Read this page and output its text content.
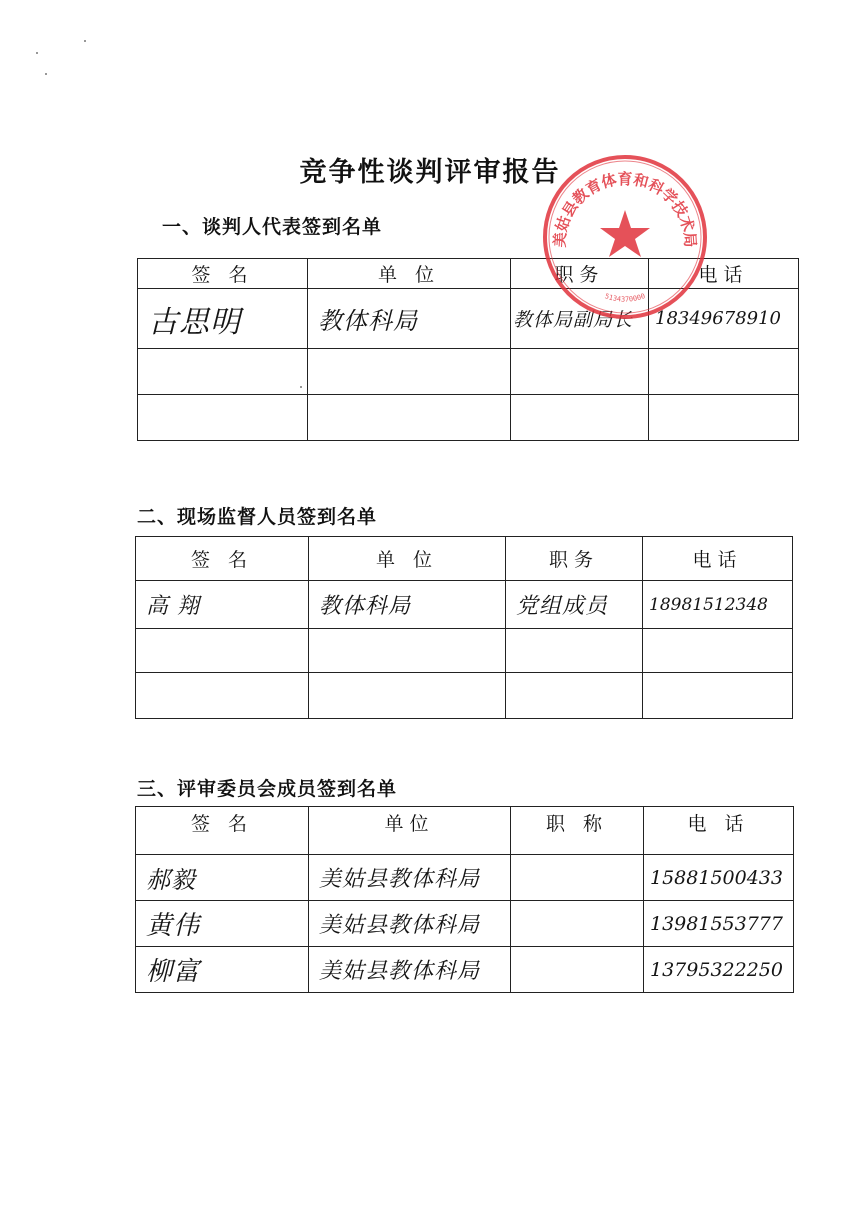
竞争性谈判评审报告
一、谈判人代表签到名单
签 名	单 位	职务	电话
古思明	教体科局	教体局副局长	18349678910

二、现场监督人员签到名单
签 名	单 位	职务	电话
高 翔	教体科局	党组成员	18981512348

三、评审委员会成员签到名单
签 名	单位	职 称	电 话
郝毅	美姑县教体科局		15881500433
黄伟	美姑县教体科局		13981553777
柳富	美姑县教体科局		13795322250
美姑县教育体育和科学技术局
5134370000
